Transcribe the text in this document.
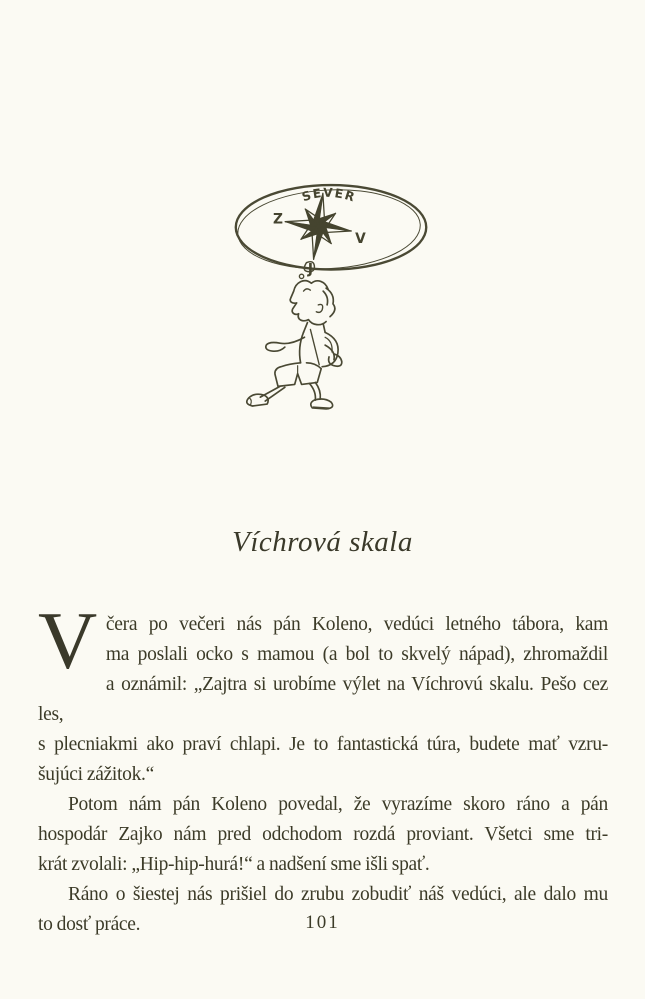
SEVER
Z
V
J
Víchrová skala

V čera po večeri nás pán Koleno, vedúci letného tábora, kam
ma poslali ocko s mamou (a bol to skvelý nápad), zhromaždil
a oznámil: „Zajtra si urobíme výlet na Víchrovú skalu. Pešo cez les,
s plecniakmi ako praví chlapi. Je to fantastická túra, budete mať vzru-
šujúci zážitok.“

Potom nám pán Koleno povedal, že vyrazíme skoro ráno a pán
hospodár Zajko nám pred odchodom rozdá proviant. Všetci sme tri-
krát zvolali: „Hip-hip-hurá!“ a nadšení sme išli spať.

Ráno o šiestej nás prišiel do zrubu zobudiť náš vedúci, ale dalo mu
to dosť práce.	101
